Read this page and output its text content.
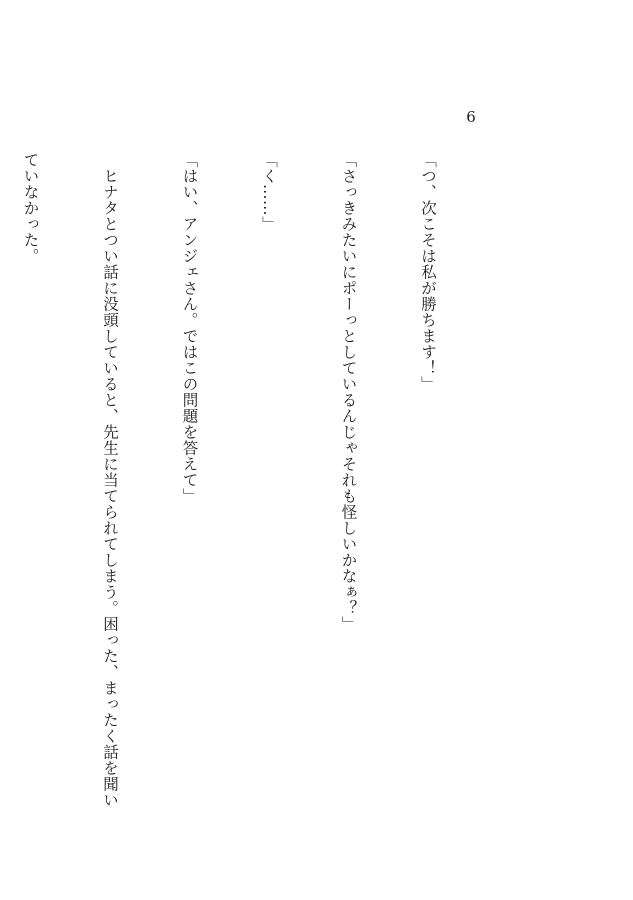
6

「つ、次こそは私が勝ちます！」

「さっきみたいにポーっとしているんじゃそれも怪しいかなぁ？」

「く……」

「はい、アンジェさん。ではこの問題を答えて」

　ヒナタとつい話に没頭していると、先生に当てられてしまう。困った、まったく話を聞い

ていなかった。
